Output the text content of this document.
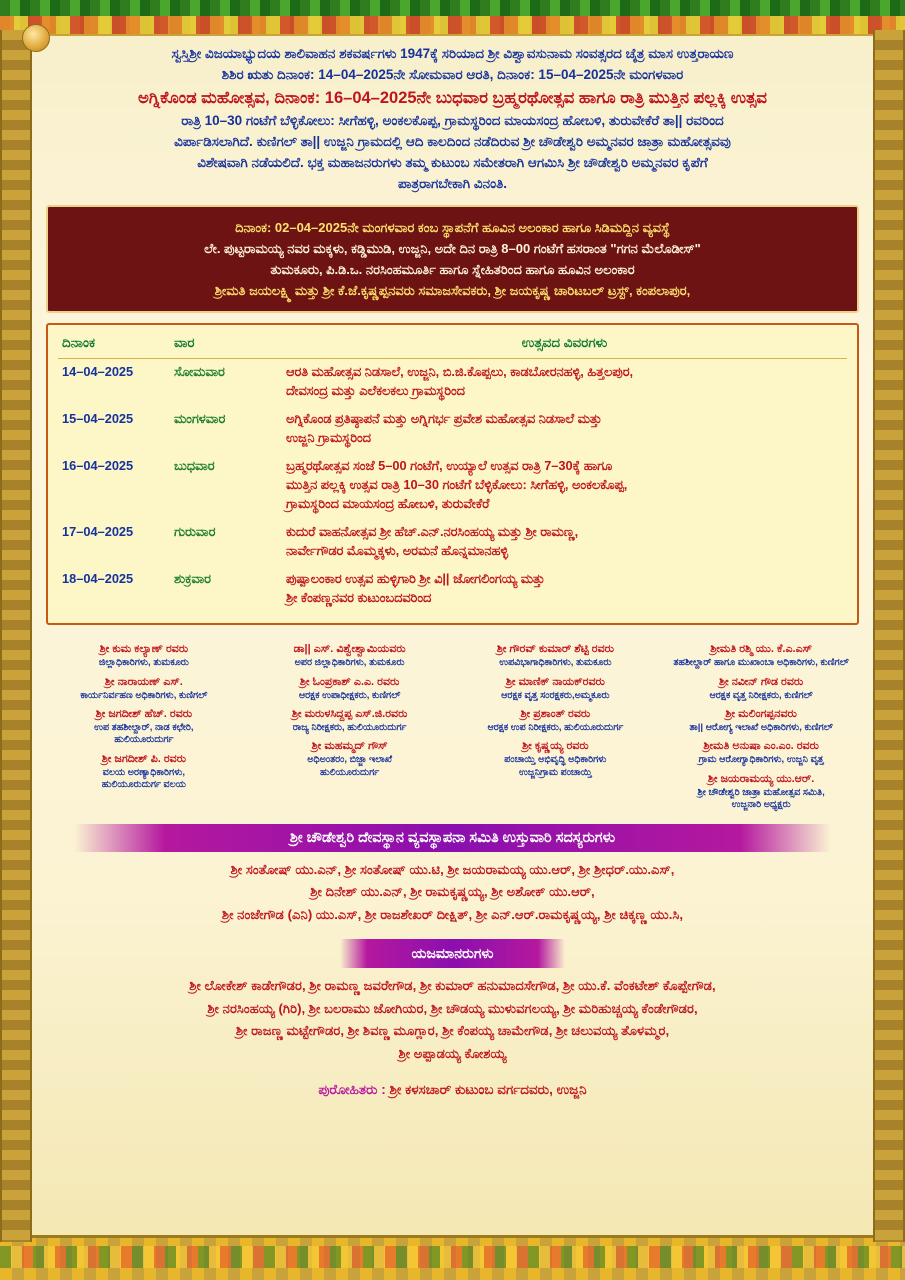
ಸ್ವಸ್ತಿಶ್ರೀ ವಿಜಯಾಭ್ಯುದಯ ಶಾಲಿವಾಹನ ಶಕವರ್ಷಗಳು 1947ಕ್ಕೆ ಸರಿಯಾದ ಶ್ರೀ ವಿಶ್ವಾವಸುನಾಮ ಸಂವತ್ಸರದ ಚೈತ್ರ ಮಾಸ ಉತ್ತರಾಯಣ
ಶಿಶಿರ ಋತು ದಿನಾಂಕ: 14–04–2025ನೇ ಸೋಮವಾರ ಆರತಿ, ದಿನಾಂಕ: 15–04–2025ನೇ ಮಂಗಳವಾರ
ಅಗ್ನಿಕೊಂಡ ಮಹೋತ್ಸವ, ದಿನಾಂಕ: 16–04–2025ನೇ ಬುಧವಾರ ಬ್ರಹ್ಮರಥೋತ್ಸವ ಹಾಗೂ ರಾತ್ರಿ ಮುತ್ತಿನ ಪಲ್ಲಕ್ಕಿ ಉತ್ಸವ
ರಾತ್ರಿ 10–30 ಗಂಟೆಗೆ ಬೆಳ್ಳಿಕೋಲು: ಸೀಗೆಹಳ್ಳಿ, ಅಂಕಲಕೊಪ್ಪ, ಗ್ರಾಮಸ್ಥರಿಂದ ಮಾಯಸಂದ್ರ ಹೋಬಳಿ, ತುರುವೇಕೆರೆ ತಾ|| ರವರಿಂದ
ವಿರ್ಪಾಡಿಸಲಾಗಿದೆ. ಕುಣಿಗಲ್ ತಾ|| ಉಜ್ಜನಿ ಗ್ರಾಮದಲ್ಲಿ ಆದಿ ಕಾಲದಿಂದ ನಡೆದಿರುವ ಶ್ರೀ ಚೌಡೇಶ್ವರಿ ಅಮ್ಮನವರ ಜಾತ್ರಾ ಮಹೋತ್ಸವವು
ವಿಶೇಷವಾಗಿ ನಡೆಯಲಿದೆ. ಭಕ್ತ ಮಹಾಜನರುಗಳು ತಮ್ಮ ಕುಟುಂಬ ಸಮೇತರಾಗಿ ಆಗಮಿಸಿ ಶ್ರೀ ಚೌಡೇಶ್ವರಿ ಅಮ್ಮನವರ ಕೃಪೆಗೆ
ಪಾತ್ರರಾಗಬೇಕಾಗಿ ವಿನಂತಿ.
ದಿನಾಂಕ: 02–04–2025ನೇ ಮಂಗಳವಾರ ಕಂಬ ಸ್ಥಾಪನೆಗೆ ಹೂವಿನ ಅಲಂಕಾರ ಹಾಗೂ ಸಿಡಿಮದ್ದಿನ ವ್ಯವಸ್ಥೆ
ಲೇ. ಪುಟ್ಟರಾಮಯ್ಯ ನವರ ಮಕ್ಕಳು, ಕಡ್ಡಿಮುಡಿ, ಉಜ್ಜನಿ, ಅದೇ ದಿನ ರಾತ್ರಿ 8–00 ಗಂಟೆಗೆ ಹಸರಾಂತ "ಗಗನ ಮೆಲೊಡೀಸ್"
ತುಮಕೂರು, ಪಿ.ಡಿ.ಒ. ನರಸಿಂಹಮೂರ್ತಿ ಹಾಗೂ ಸ್ನೇಹಿತರಿಂದ ಹಾಗೂ ಹೂವಿನ ಅಲಂಕಾರ
ಶ್ರೀಮತಿ ಜಯಲಕ್ಷ್ಮಿ ಮತ್ತು ಶ್ರೀ ಕೆ.ಜೆ.ಕೃಷ್ಣಪ್ಪನವರು ಸಮಾಜಸೇವಕರು, ಶ್ರೀ ಜಯಕೃಷ್ಣ ಚಾರಿಟಬಲ್ ಟ್ರಸ್ಟ್, ಕಂಪಲಾಪುರ,
ದಿನಾಂಕ	ವಾರ	ಉತ್ಸವದ ವಿವರಗಳು
14–04–2025	ಸೋಮವಾರ	ಆರತಿ ಮಹೋತ್ಸವ ನಿಡಸಾಲೆ, ಉಜ್ಜನಿ, ಬಿ.ಜಿ.ಕೊಪ್ಪಲು, ಕಾಡಬೋರನಹಳ್ಳಿ, ಹಿತ್ತಲಪುರ,
ದೇವಸಂದ್ರ ಮತ್ತು ಎಲೆಕಲಕಲು ಗ್ರಾಮಸ್ಥರಿಂದ
15–04–2025	ಮಂಗಳವಾರ	ಅಗ್ನಿಕೊಂಡ ಪ್ರತಿಷ್ಠಾಪನೆ ಮತ್ತು ಅಗ್ನಿಗರ್ಭ ಪ್ರವೇಶ ಮಹೋತ್ಸವ ನಿಡಸಾಲೆ ಮತ್ತು
ಉಜ್ಜನಿ ಗ್ರಾಮಸ್ಥರಿಂದ
16–04–2025	ಬುಧವಾರ	ಬ್ರಹ್ಮರಥೋತ್ಸವ ಸಂಜೆ 5–00 ಗಂಟೆಗೆ, ಉಯ್ಯಾಲೆ ಉತ್ಸವ ರಾತ್ರಿ 7–30ಕ್ಕೆ ಹಾಗೂ
ಮುತ್ತಿನ ಪಲ್ಲಕ್ಕಿ ಉತ್ಸವ ರಾತ್ರಿ 10–30 ಗಂಟೆಗೆ ಬೆಳ್ಳಿಕೋಲು: ಸೀಗೆಹಳ್ಳಿ, ಅಂಕಲಕೊಪ್ಪ,
ಗ್ರಾಮಸ್ಥರಿಂದ ಮಾಯಸಂದ್ರ ಹೋಬಳಿ, ತುರುವೇಕೆರೆ
17–04–2025	ಗುರುವಾರ	ಕುದುರೆ ವಾಹನೋತ್ಸವ ಶ್ರೀ ಹೆಚ್.ಎನ್.ನರಸಿಂಹಯ್ಯ ಮತ್ತು ಶ್ರೀ ರಾಮಣ್ಣ,
ನಾರ್ವೇಗೌಡರ ಮೊಮ್ಮಕ್ಕಳು, ಅರಮನೆ ಹೊನ್ನಮಾನಹಳ್ಳಿ
18–04–2025	ಶುಕ್ರವಾರ	ಪುಷ್ಪಾಲಂಕಾರ ಉತ್ಸವ ಹುಳ್ಳಿಗಾರಿ ಶ್ರೀ ವಿ|| ಜೋಗಲಿಂಗಯ್ಯ ಮತ್ತು
ಶ್ರೀ ಕೆಂಪಣ್ಣನವರ ಕುಟುಂಬದವರಿಂದ
ಶ್ರೀ ಕುಮ ಕಲ್ಯಾಣ್ ರವರು
ಜಿಲ್ಲಾಧಿಕಾರಿಗಳು, ತುಮಕೂರು
ಶ್ರೀ ನಾರಾಯಣ್ ಎಸ್.
ಕಾರ್ಯನಿರ್ವಹಣ ಅಧಿಕಾರಿಗಳು, ಕುಣಿಗಲ್
ಶ್ರೀ ಜಗದೀಶ್ ಹೆಚ್. ರವರು
ಉಪ ತಹಶೀಲ್ದಾರ್, ನಾಡ ಕಛೇರಿ,
ಹುಲಿಯೂರುದುರ್ಗ
ಶ್ರೀ ಜಗದೀಶ್ ಪಿ. ರವರು
ವಲಯ ಅರಣ್ಯಾಧಿಕಾರಿಗಳು,
ಹುಲಿಯೂರುದುರ್ಗ ವಲಯ
ಡಾ|| ಎಸ್. ವಿಶ್ವೇಶ್ವಾಮಿಯವರು
ಅಪರ ಜಿಲ್ಲಾಧಿಕಾರಿಗಳು, ತುಮಕೂರು
ಶ್ರೀ ಓಂಪ್ರಕಾಶ್ ಎ.ಎ. ರವರು
ಆರಕ್ಷಕ ಉಪಾಧೀಕ್ಷಕರು, ಕುಣಿಗಲ್
ಶ್ರೀ ಮರುಳಸಿದ್ದಪ್ಪ ಎಸ್.ಜಿ.ರವರು
ರಾಜ್ಯ ನಿರೀಕ್ಷಕರು, ಹುಲಿಯೂರುದುರ್ಗ
ಶ್ರೀ ಮಹಮ್ಮದ್ ಗೌಸ್
ಅಧಿಅಂತರಂ, ಬಿಜ್ಜಾ ಇಲಾಖೆ
ಹುಲಿಯೂರುದುರ್ಗ
ಶ್ರೀ ಗೌರವ್ ಕುಮಾರ್ ಶೆಟ್ಟಿ ರವರು
ಉಪವಿಭಾಗಾಧಿಕಾರಿಗಳು, ತುಮಕೂರು
ಶ್ರೀ ಮಾಣಿಕ್ ನಾಯಕ್‌ರವರು
ಆರಕ್ಷಕ ವೃತ್ತ ಸಂರಕ್ಷಕರು,ಅಮ್ಮಕೂರು
ಶ್ರೀ ಪ್ರಶಾಂತ್ ರವರು
ಆರಕ್ಷಕ ಉಪ ನಿರೀಕ್ಷಕರು, ಹುಲಿಯೂರುದುರ್ಗ
ಶ್ರೀ ಕೃಷ್ಣಯ್ಯ ರವರು
ಪಂಚಾಯ್ತಿ ಅಭಿವೃದ್ಧಿ ಅಧಿಕಾರಿಗಳು
ಉಜ್ಜನಿಗ್ರಾಮ ಪಂಚಾಯ್ತಿ
ಶ್ರೀಮತಿ ರಶ್ಮಿ ಯು. ಕೆ.ಎ.ಎಸ್
ತಹಶೀಲ್ದಾರ್ ಹಾಗೂ ಮುಖಾಂಬಾ ಅಧಿಕಾರಿಗಳು, ಕುಣಿಗಲ್
ಶ್ರೀ ನವೀನ್ ಗೌಡ ರವರು
ಆರಕ್ಷಕ ವೃತ್ತ ನಿರೀಕ್ಷಕರು, ಕುಣಿಗಲ್
ಶ್ರೀ ಮಲಿಂಗಪ್ಪನವರು
ತಾ|| ಆರೋಗ್ಯ ಇಲಾಖೆ ಅಧಿಕಾರಿಗಳು, ಕುಣಿಗಲ್
ಶ್ರೀಮತಿ ಅನುಷಾ ಎಂ.ಎಂ. ರವರು
ಗ್ರಾಮ ಆರೋಗ್ಯಾಧಿಕಾರಿಗಳು, ಉಜ್ಜನಿ ವೃತ್ತ
ಶ್ರೀ ಜಯರಾಮಯ್ಯ ಯು.ಆರ್.
ಶ್ರೀ ಚೌಡೇಶ್ವರಿ ಜಾತ್ರಾ ಮಹೋತ್ಸವ ಸಮಿತಿ,
ಉಜ್ಜನಾರಿ ಅಧ್ಯಕ್ಷರು
ಶ್ರೀ ಚೌಡೇಶ್ವರಿ ದೇವಸ್ಥಾನ ವ್ಯವಸ್ಥಾಪನಾ ಸಮಿತಿ ಉಸ್ತುವಾರಿ ಸದಸ್ಯರುಗಳು
ಶ್ರೀ ಸಂತೋಷ್ ಯು.ಎನ್, ಶ್ರೀ ಸಂತೋಷ್ ಯು.ಟಿ, ಶ್ರೀ ಜಯರಾಮಯ್ಯ ಯು.ಆರ್, ಶ್ರೀ ಶ್ರೀಧರ್.ಯು.ಎಸ್,
ಶ್ರೀ ದಿನೇಶ್ ಯು.ಎನ್, ಶ್ರೀ ರಾಮಕೃಷ್ಣಯ್ಯ, ಶ್ರೀ ಅಶೋಕ್ ಯು.ಆರ್,
ಶ್ರೀ ನಂಜೇಗೌಡ (ಎನಿ) ಯು.ಎಸ್, ಶ್ರೀ ರಾಜಶೇಖರ್ ದೀಕ್ಷಿತ್, ಶ್ರೀ ಎನ್.ಆರ್.ರಾಮಕೃಷ್ಣಯ್ಯ, ಶ್ರೀ ಚಿಕ್ಕಣ್ಣ ಯು.ಸಿ,
ಯಜಮಾನರುಗಳು
ಶ್ರೀ ಲೋಕೇಶ್ ಕಾಡೇಗೌಡರ, ಶ್ರೀ ರಾಮಣ್ಣ ಜವರೇಗೌಡ, ಶ್ರೀ ಕುಮಾರ್ ಹನುಮಾದಸೇಗೌಡ, ಶ್ರೀ ಯು.ಕೆ. ವೆಂಕಟೇಶ್ ಕೊಪ್ಪೇಗೌಡ,
ಶ್ರೀ ನರಸಿಂಹಯ್ಯ (ಗಿರಿ), ಶ್ರೀ ಬಲರಾಮು ಜೋಗಿಯರ, ಶ್ರೀ ಚೌಡಯ್ಯ ಮುಳುವಗಲಯ್ಯ, ಶ್ರೀ ಮರಿಹುಚ್ಚಯ್ಯ ಕೆಂಡೇಗೌಡರ,
ಶ್ರೀ ರಾಜಣ್ಣ ಮಟ್ಟೇಗೌಡರ, ಶ್ರೀ ಶಿವಣ್ಣ ಮೂಗ್ಲಾರ, ಶ್ರೀ ಕೆಂಪಯ್ಯ ಚಾಮೇಗೌಡ, ಶ್ರೀ ಚಲುವಯ್ಯ ತೊಳಮ್ಮರ,
ಶ್ರೀ ಅಪ್ಪಾಡಯ್ಯ ಕೋಶಯ್ಯ
ಪುರೋಹಿತರು : ಶ್ರೀ ಕಳಸಚಾರ್ ಕುಟುಂಬ ವರ್ಗದವರು, ಉಜ್ಜನಿ
